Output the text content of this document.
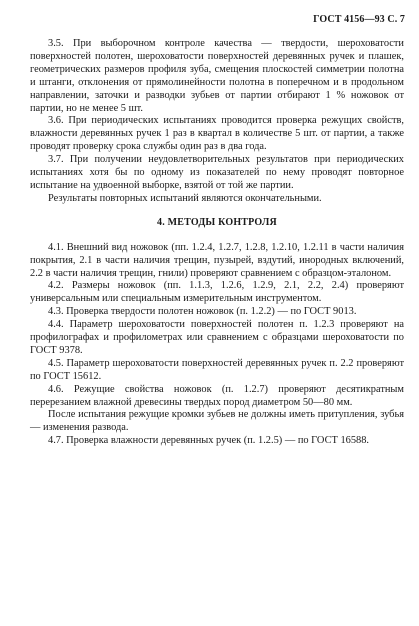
ГОСТ 4156—93 С. 7

3.5. При выборочном контроле качества — твердости, шероховатости поверхностей полотен, шероховатости поверхностей деревянных ручек и плашек, геометрических размеров профиля зуба, смещения плоскостей симметрии полотна и штанги, отклонения от прямолинейности полотна в поперечном и в продольном направлении, заточки и разводки зубьев от партии отбирают 1 % ножовок от партии, но не менее 5 шт.

3.6. При периодических испытаниях проводится проверка режущих свойств, влажности деревянных ручек 1 раз в квартал в количестве 5 шт. от партии, а также проводят проверку срока службы один раз в два года.

3.7. При получении неудовлетворительных результатов при периодических испытаниях хотя бы по одному из показателей по нему проводят повторное испытание на удвоенной выборке, взятой от той же партии.

Результаты повторных испытаний являются окончательными.

4. МЕТОДЫ КОНТРОЛЯ

4.1. Внешний вид ножовок (пп. 1.2.4, 1.2.7, 1.2.8, 1.2.10, 1.2.11 в части наличия покрытия, 2.1 в части наличия трещин, пузырей, вздутий, инородных включений, 2.2 в части наличия трещин, гнили) проверяют сравнением с образцом-эталоном.

4.2. Размеры ножовок (пп. 1.1.3, 1.2.6, 1.2.9, 2.1, 2.2, 2.4) проверяют универсальным или специальным измерительным инструментом.

4.3. Проверка твердости полотен ножовок (п. 1.2.2) — по ГОСТ 9013.

4.4. Параметр шероховатости поверхностей полотен п. 1.2.3 проверяют на профилографах и профилометрах или сравнением с образцами шероховатости по ГОСТ 9378.

4.5. Параметр шероховатости поверхностей деревянных ручек п. 2.2 проверяют по ГОСТ 15612.

4.6. Режущие свойства ножовок (п. 1.2.7) проверяют десятикратным перерезанием влажной древесины твердых пород диаметром 50—80 мм.

После испытания режущие кромки зубьев не должны иметь притупления, зубья — изменения развода.

4.7. Проверка влажности деревянных ручек (п. 1.2.5) — по ГОСТ 16588.
